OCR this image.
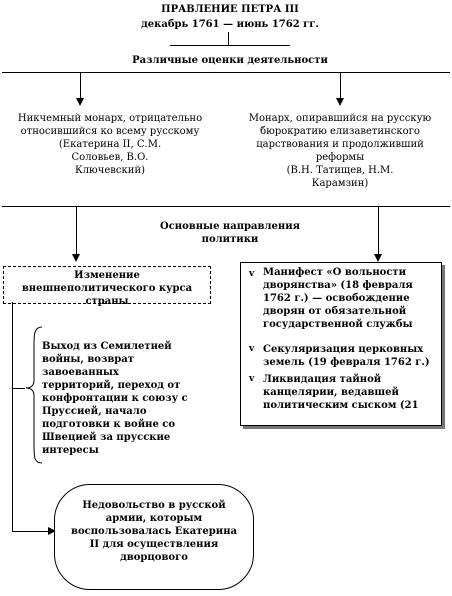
ПРАВЛЕНИЕ ПЕТРА III
декабрь 1761 — июнь 1762 гг.
Различные оценки деятельности
Никчемный монарх, отрицательно относившийся ко всему русскому
(Екатерина II, С.М. Соловьев, В.О. Ключевский)
Монарх, опиравшийся на русскую бюрократию елизаветинского царствования и продолживший реформы
(В.Н. Татищев, Н.М. Карамзин)
Основные направления политики
Изменение внешнеполитического курса страны
v Манифест «О вольности дворянства» (18 февраля 1762 г.) — освобождение дворян от обязательной государственной службы
v Секуляризация церковных земель (19 февраля 1762 г.)
v Ликвидация тайной канцелярии, ведавшей политическим сыском (21
Выход из Семилетней войны, возврат завоеванных территорий, переход от конфронтации к союзу с Пруссией, начало подготовки к войне со Швецией за прусские интересы
Недовольство в русской армии, которым воспользовалась Екатерина II для осуществления дворцового
